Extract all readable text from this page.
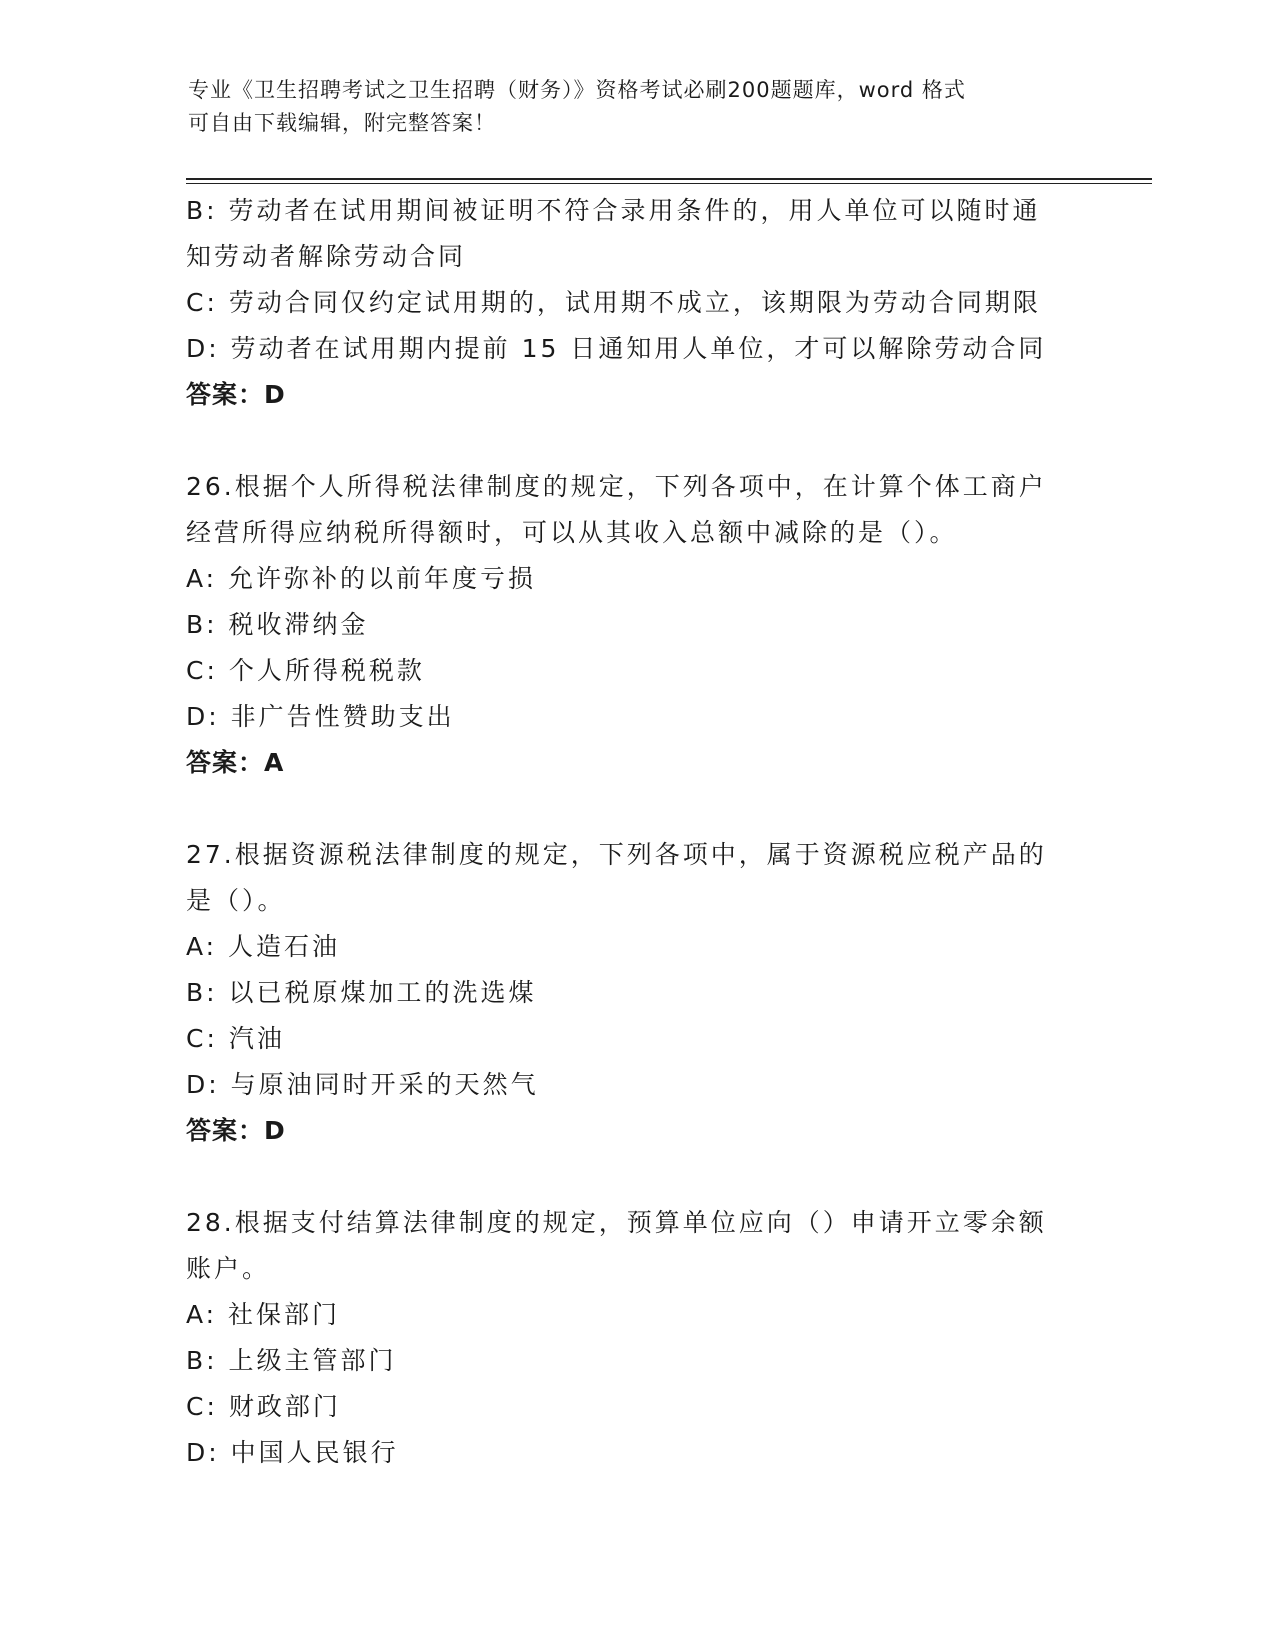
专业《卫生招聘考试之卫生招聘（财务）》资格考试必刷200题题库，word 格式
可自由下载编辑，附完整答案！
B: 劳动者在试用期间被证明不符合录用条件的，用人单位可以随时通
知劳动者解除劳动合同
C: 劳动合同仅约定试用期的，试用期不成立，该期限为劳动合同期限
D: 劳动者在试用期内提前 15 日通知用人单位，才可以解除劳动合同
答案：D
26.根据个人所得税法律制度的规定，下列各项中，在计算个体工商户
经营所得应纳税所得额时，可以从其收入总额中减除的是（）。
A: 允许弥补的以前年度亏损
B: 税收滞纳金
C: 个人所得税税款
D: 非广告性赞助支出
答案：A
27.根据资源税法律制度的规定，下列各项中，属于资源税应税产品的
是（）。
A: 人造石油
B: 以已税原煤加工的洗选煤
C: 汽油
D: 与原油同时开采的天然气
答案：D
28.根据支付结算法律制度的规定，预算单位应向（）申请开立零余额
账户。
A: 社保部门
B: 上级主管部门
C: 财政部门
D: 中国人民银行
